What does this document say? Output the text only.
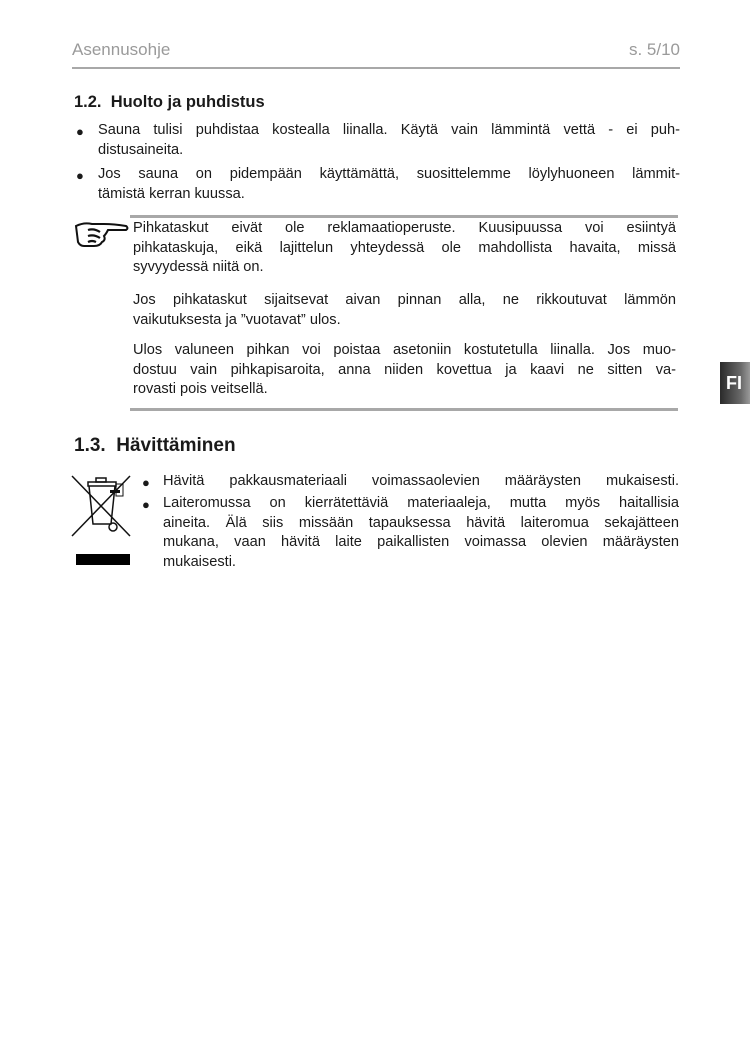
Asennusohje	s. 5/10
1.2.  Huolto ja puhdistus
● Sauna tulisi puhdistaa kostealla liinalla. Käytä vain lämmintä vettä - ei puh-
distusaineita.
● Jos sauna on pidempään käyttämättä, suosittelemme löylyhuoneen lämmit-
tämistä kerran kuussa.
Pihkataskut eivät ole reklamaatioperuste. Kuusipuussa voi esiintyä
pihkataskuja, eikä lajittelun yhteydessä ole mahdollista havaita, missä
syvyydessä niitä on.
Jos pihkataskut sijaitsevat aivan pinnan alla, ne rikkoutuvat lämmön
vaikutuksesta ja ”vuotavat” ulos.
Ulos valuneen pihkan voi poistaa asetoniin kostutetulla liinalla. Jos muo-
dostuu vain pihkapisaroita, anna niiden kovettua ja kaavi ne sitten va-
rovasti pois veitsellä.	FI
1.3.  Hävittäminen
● Hävitä pakkausmateriaali voimassaolevien määräysten mukaisesti.
● Laiteromussa on kierrätettäviä materiaaleja, mutta myös haitallisia
aineita. Älä siis missään tapauksessa hävitä laiteromua sekajätteen
mukana, vaan hävitä laite paikallisten voimassa olevien määräysten
mukaisesti.
